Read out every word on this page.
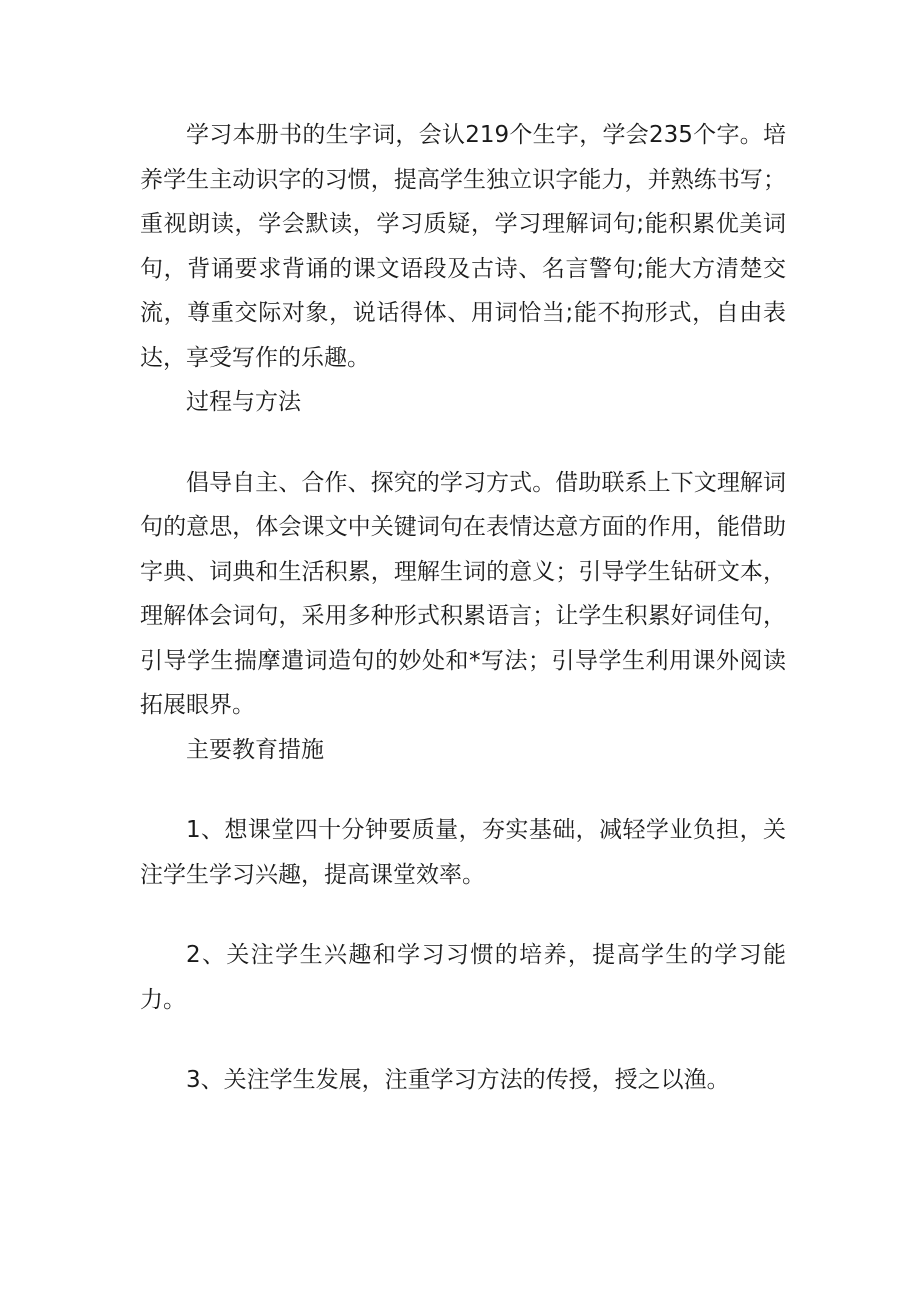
学习本册书的生字词，会认219个生字，学会235个字。培养学生主动识字的习惯，提高学生独立识字能力，并熟练书写；重视朗读，学会默读，学习质疑，学习理解词句;能积累优美词句，背诵要求背诵的课文语段及古诗、名言警句;能大方清楚交流，尊重交际对象，说话得体、用词恰当;能不拘形式，自由表达，享受写作的乐趣。

过程与方法

倡导自主、合作、探究的学习方式。借助联系上下文理解词句的意思，体会课文中关键词句在表情达意方面的作用，能借助字典、词典和生活积累，理解生词的意义；引导学生钻研文本，理解体会词句，采用多种形式积累语言；让学生积累好词佳句，引导学生揣摩遣词造句的妙处和*写法；引导学生利用课外阅读拓展眼界。

主要教育措施

1、想课堂四十分钟要质量，夯实基础，减轻学业负担，关注学生学习兴趣，提高课堂效率。

2、关注学生兴趣和学习习惯的培养，提高学生的学习能力。

3、关注学生发展，注重学习方法的传授，授之以渔。
